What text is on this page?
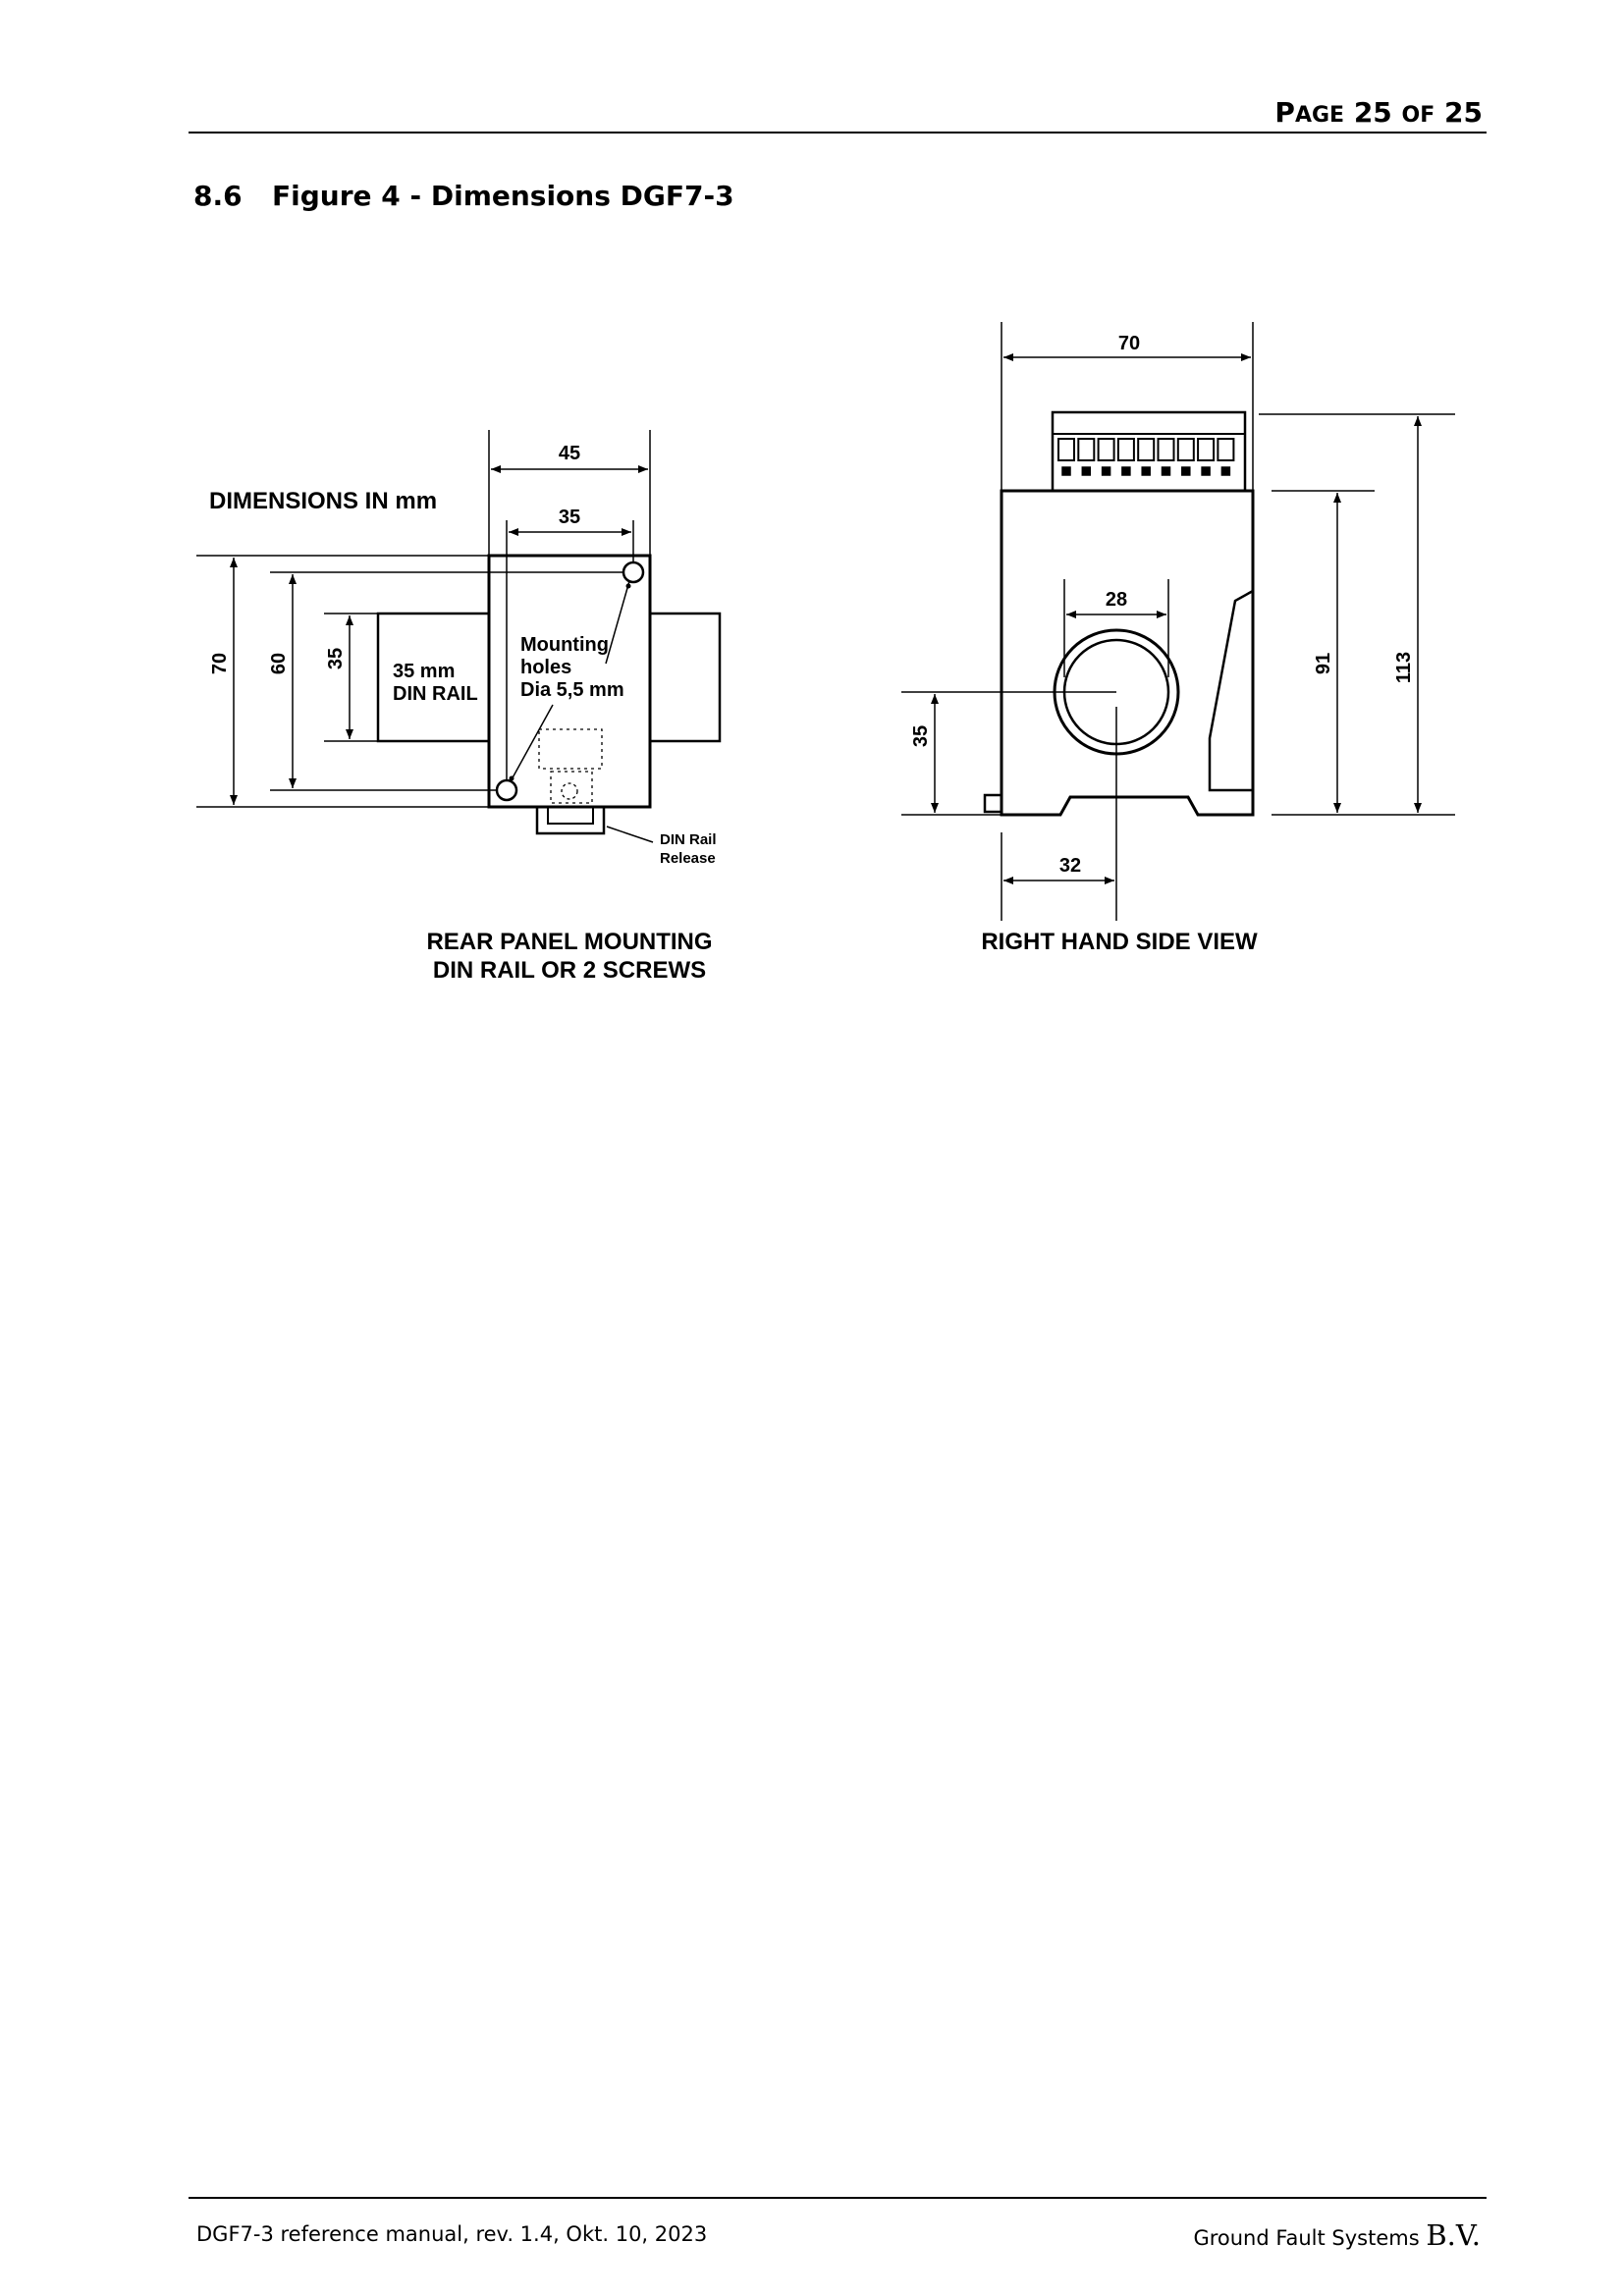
PAGE 25 OF 25
8.6 Figure 4 - Dimensions DGF7-3
DIMENSIONS IN mm
45
35
70 60 35
35 mm
DIN RAIL
Mounting
holes
Dia 5,5 mm
DIN Rail
Release
REAR PANEL MOUNTING
DIN RAIL OR 2 SCREWS
70
28
35
32
91	113
RIGHT HAND SIDE VIEW
DGF7-3 reference manual, rev. 1.4, Okt. 10, 2023	Ground Fault Systems B.V.
